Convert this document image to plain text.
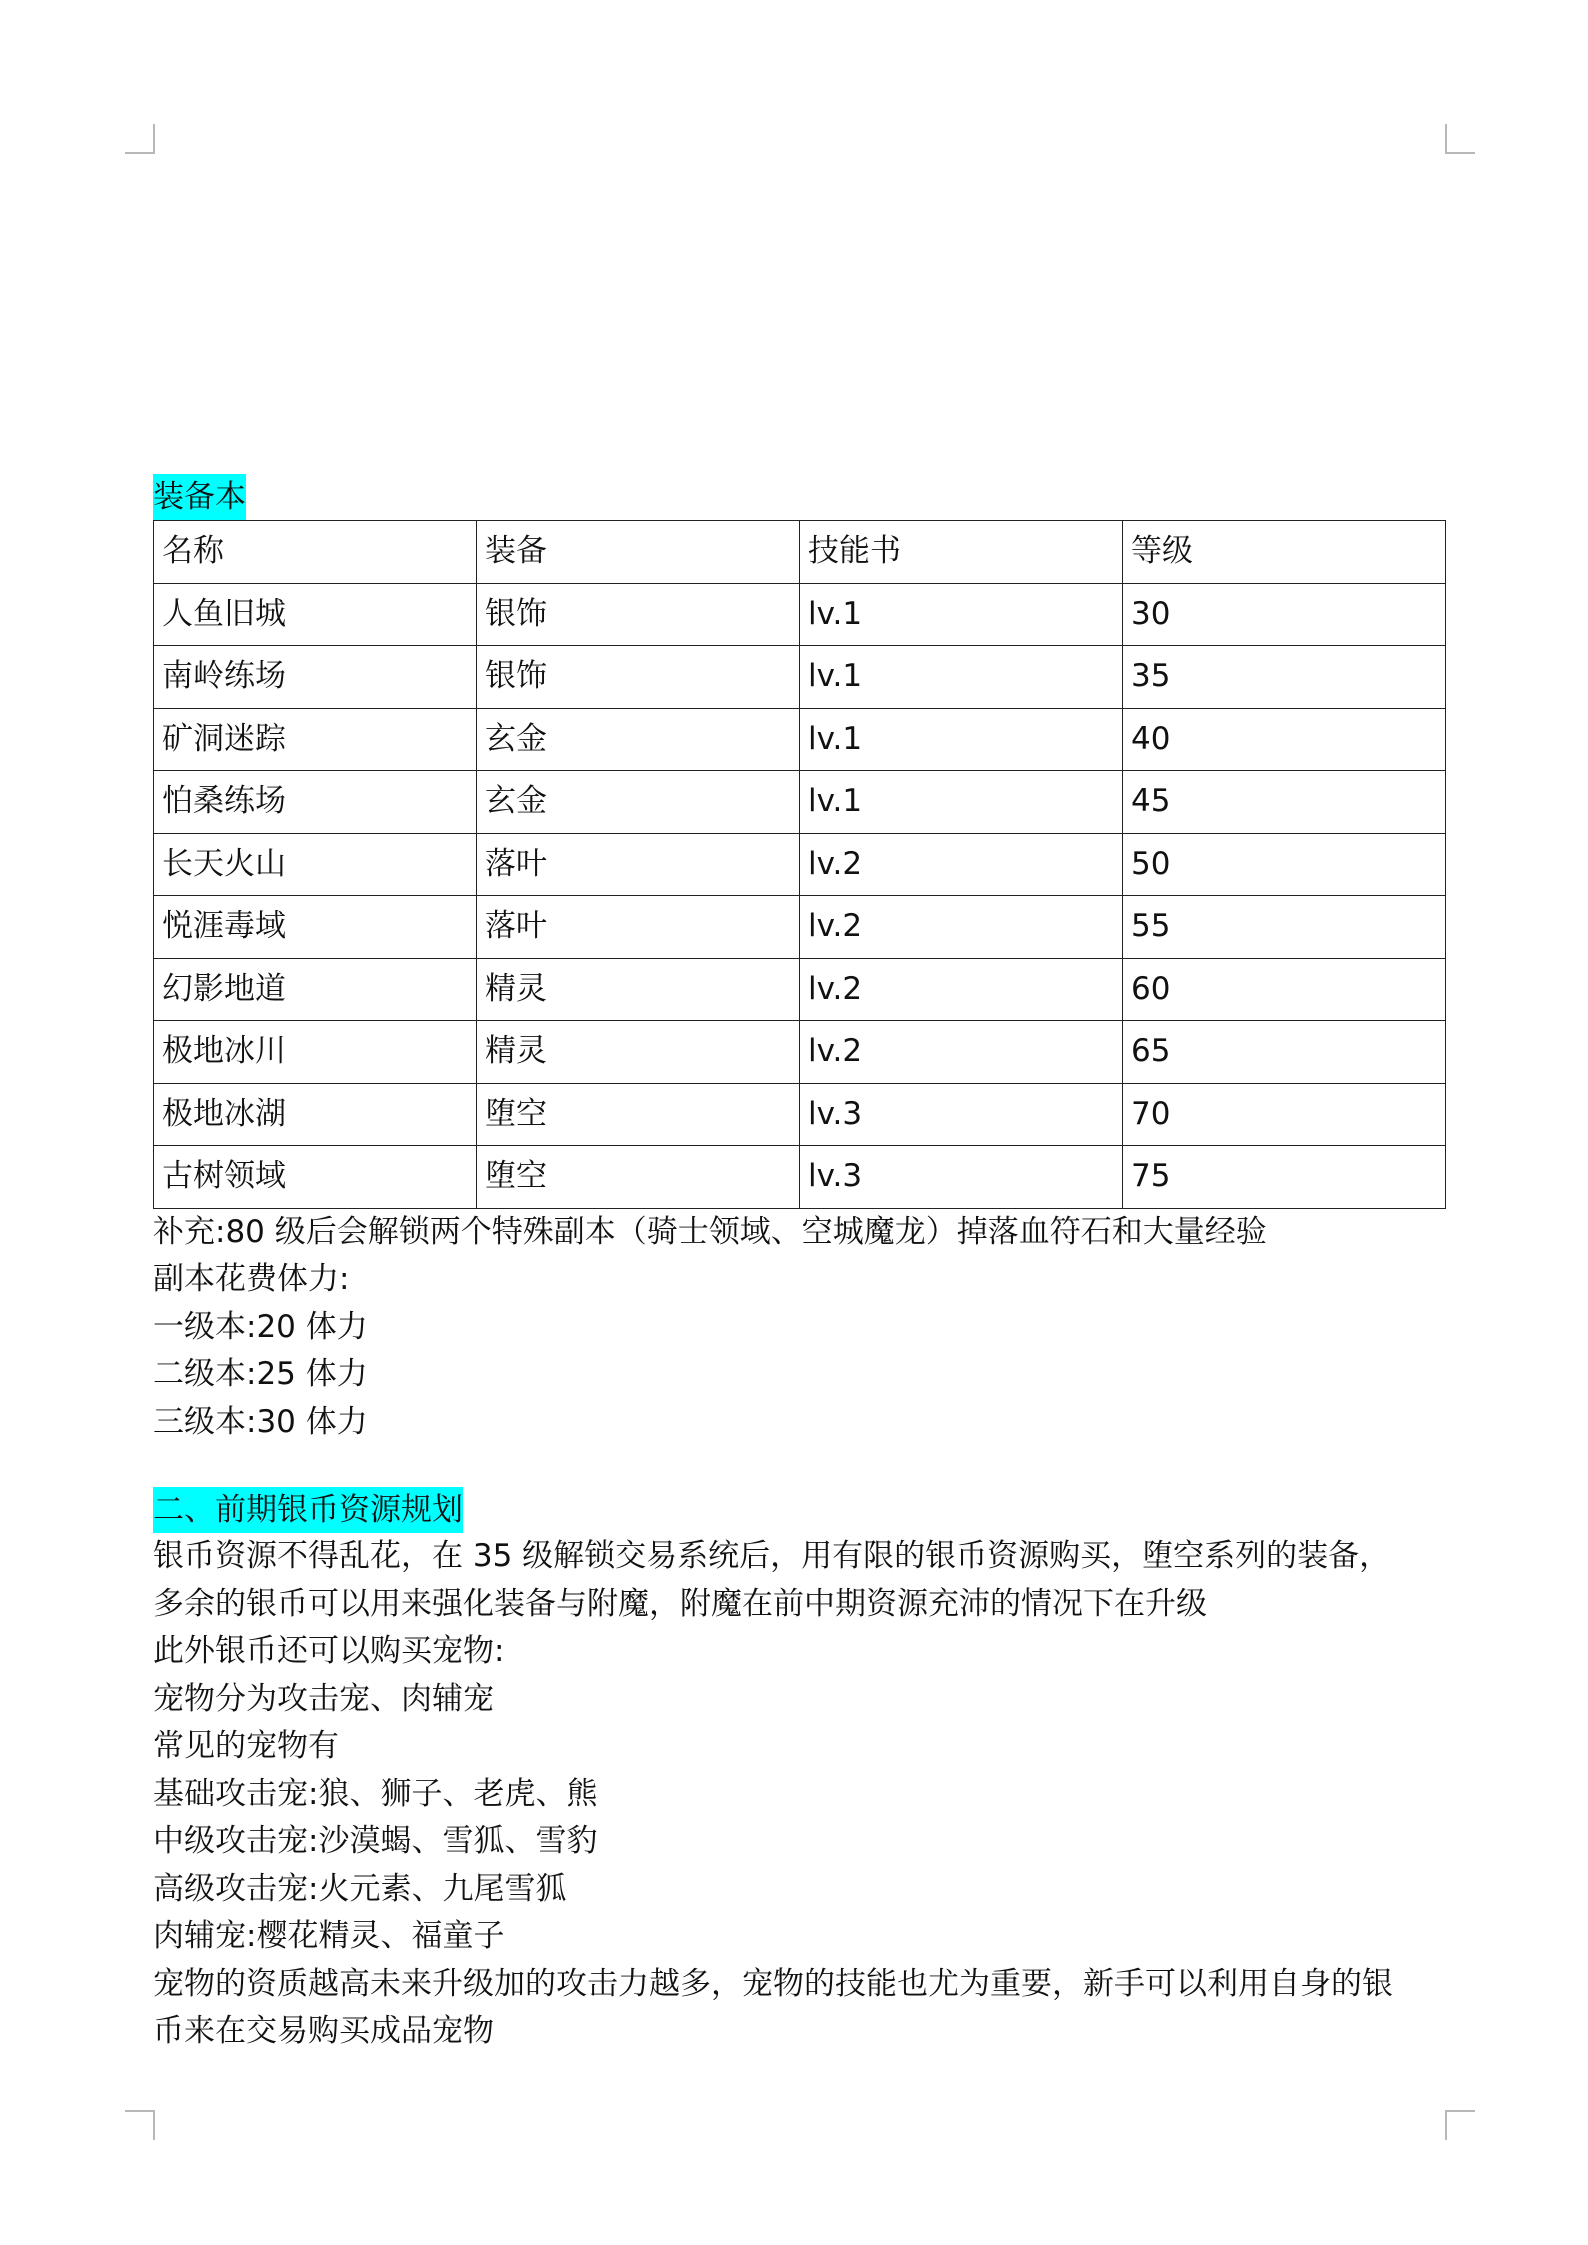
装备本
名称	装备	技能书	等级
人鱼旧城	银饰	lv.1	30
南岭练场	银饰	lv.1	35
矿洞迷踪	玄金	lv.1	40
怕桑练场	玄金	lv.1	45
长天火山	落叶	lv.2	50
悦涯毒域	落叶	lv.2	55
幻影地道	精灵	lv.2	60
极地冰川	精灵	lv.2	65
极地冰湖	堕空	lv.3	70
古树领域	堕空	lv.3	75

补充:80 级后会解锁两个特殊副本（骑士领域、空城魔龙）掉落血符石和大量经验

副本花费体力:

一级本:20 体力

二级本:25 体力

三级本:30 体力

二、前期银币资源规划

银币资源不得乱花，在 35 级解锁交易系统后，用有限的银币资源购买，堕空系列的装备，

多余的银币可以用来强化装备与附魔，附魔在前中期资源充沛的情况下在升级

此外银币还可以购买宠物:

宠物分为攻击宠、肉辅宠

常见的宠物有

基础攻击宠:狼、狮子、老虎、熊

中级攻击宠:沙漠蝎、雪狐、雪豹

高级攻击宠:火元素、九尾雪狐

肉辅宠:樱花精灵、福童子

宠物的资质越高未来升级加的攻击力越多，宠物的技能也尤为重要，新手可以利用自身的银

币来在交易购买成品宠物
